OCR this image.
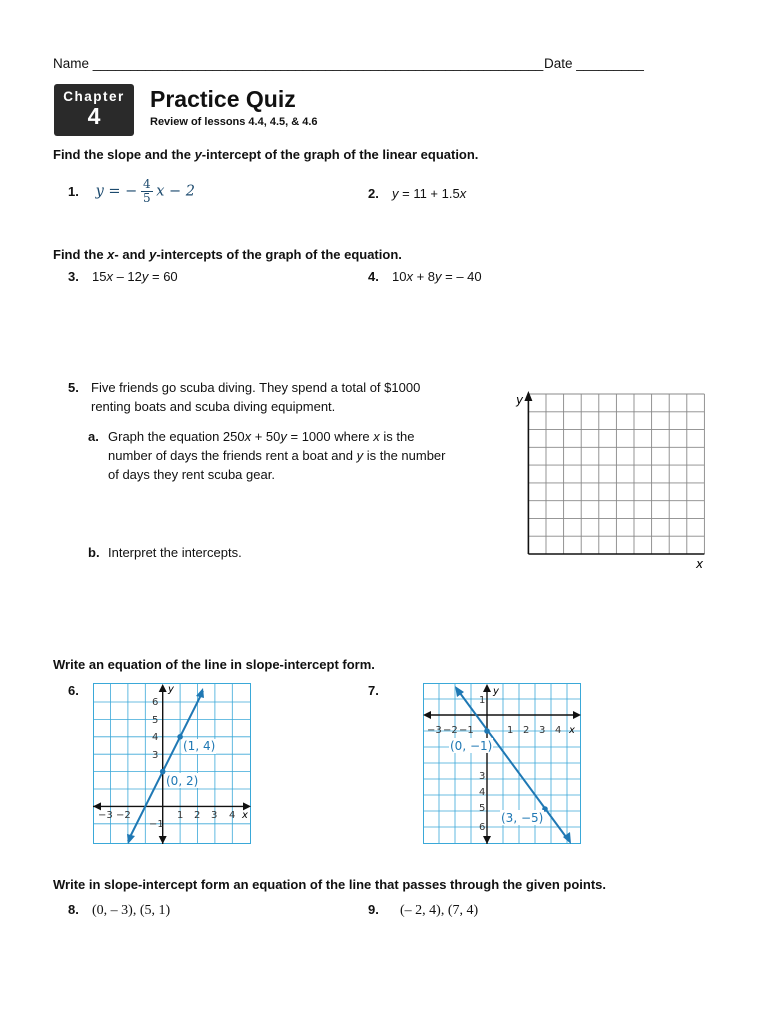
Name ____________________________________________________________ Date _________
Chapter
4
Practice Quiz
Review of lessons 4.4, 4.5, & 4.6
Find the slope and the y-intercept of the graph of the linear equation.
1. y = − $\frac{4}{5}$ x − 2	2. y = 11 + 1.5x
Find the x- and y-intercepts of the graph of the equation.
3. 15x – 12y = 60	4. 10x + 8y = – 40
5. Five friends go scuba diving. They spend a total of $1000
renting boats and scuba diving equipment.
a. Graph the equation 250x + 50y = 1000 where x is the
number of days the friends rent a boat and y is the number
of days they rent scuba gear.
b. Interpret the intercepts.
y
x
Write an equation of the line in slope-intercept form.
6.	7.
y
x
−3 −2	1 2 3 4
6
5
4
3
−1
(1, 4)
(0, 2)
y
x
−3 −2 −1	1 2 3 4
1
3
4
5
6
(0, −1)
(3, −5)
Write in slope-intercept form an equation of the line that passes through the given points.
8. (0, – 3), (5, 1)	9. (– 2, 4), (7, 4)
